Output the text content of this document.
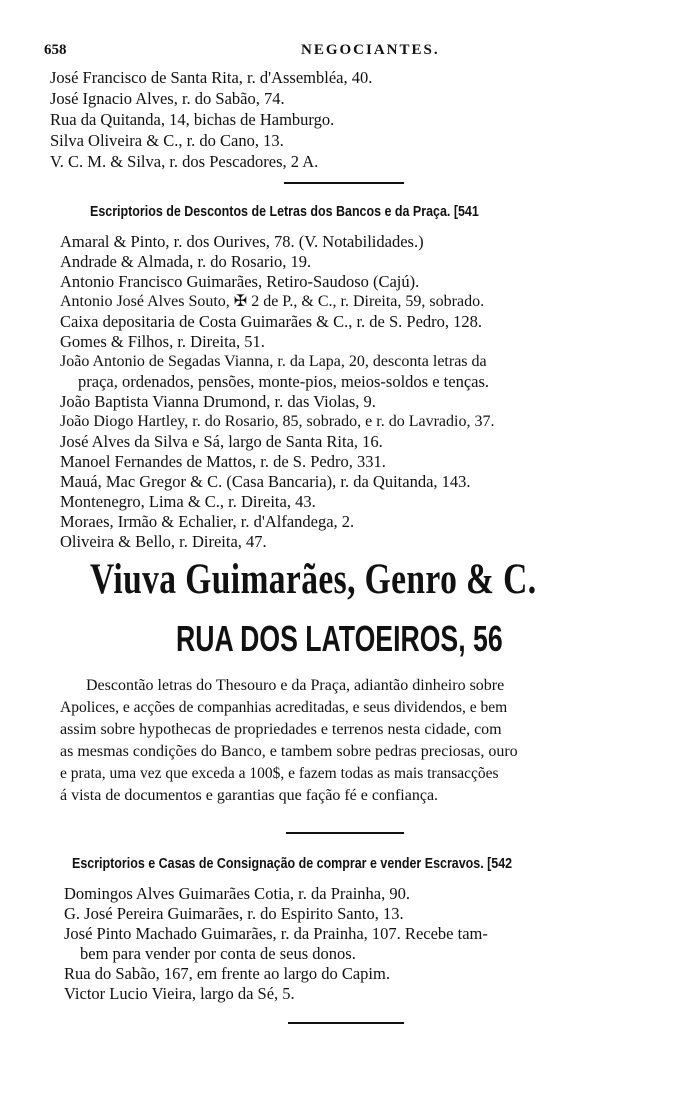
658	NEGOCIANTES.
José Francisco de Santa Rita, r. d'Assembléa, 40.
José Ignacio Alves, r. do Sabão, 74.
Rua da Quitanda, 14, bichas de Hamburgo.
Silva Oliveira & C., r. do Cano, 13.
V. C. M. & Silva, r. dos Pescadores, 2 A.
Escriptorios de Descontos de Letras dos Bancos e da Praça. [541
Amaral & Pinto, r. dos Ourives, 78. (V. Notabilidades.)
Andrade & Almada, r. do Rosario, 19.
Antonio Francisco Guimarães, Retiro-Saudoso (Cajú).
Antonio José Alves Souto, ✠ 2 de P., & C., r. Direita, 59, sobrado.
Caixa depositaria de Costa Guimarães & C., r. de S. Pedro, 128.
Gomes & Filhos, r. Direita, 51.
João Antonio de Segadas Vianna, r. da Lapa, 20, desconta letras da
praça, ordenados, pensões, monte-pios, meios-soldos e tenças.
João Baptista Vianna Drumond, r. das Violas, 9.
João Diogo Hartley, r. do Rosario, 85, sobrado, e r. do Lavradio, 37.
José Alves da Silva e Sá, largo de Santa Rita, 16.
Manoel Fernandes de Mattos, r. de S. Pedro, 331.
Mauá, Mac Gregor & C. (Casa Bancaria), r. da Quitanda, 143.
Montenegro, Lima & C., r. Direita, 43.
Moraes, Irmão & Echalier, r. d'Alfandega, 2.
Oliveira & Bello, r. Direita, 47.
Viuva Guimarães, Genro & C.
RUA DOS LATOEIROS, 56
Descontão letras do Thesouro e da Praça, adiantão dinheiro sobre
Apolices, e acções de companhias acreditadas, e seus dividendos, e bem
assim sobre hypothecas de propriedades e terrenos nesta cidade, com
as mesmas condições do Banco, e tambem sobre pedras preciosas, ouro
e prata, uma vez que exceda a 100$, e fazem todas as mais transacções
á vista de documentos e garantias que fação fé e confiança.
Escriptorios e Casas de Consignação de comprar e vender Escravos. [542
Domingos Alves Guimarães Cotia, r. da Prainha, 90.
G. José Pereira Guimarães, r. do Espirito Santo, 13.
José Pinto Machado Guimarães, r. da Prainha, 107. Recebe tam-
bem para vender por conta de seus donos.
Rua do Sabão, 167, em frente ao largo do Capim.
Victor Lucio Vieira, largo da Sé, 5.
